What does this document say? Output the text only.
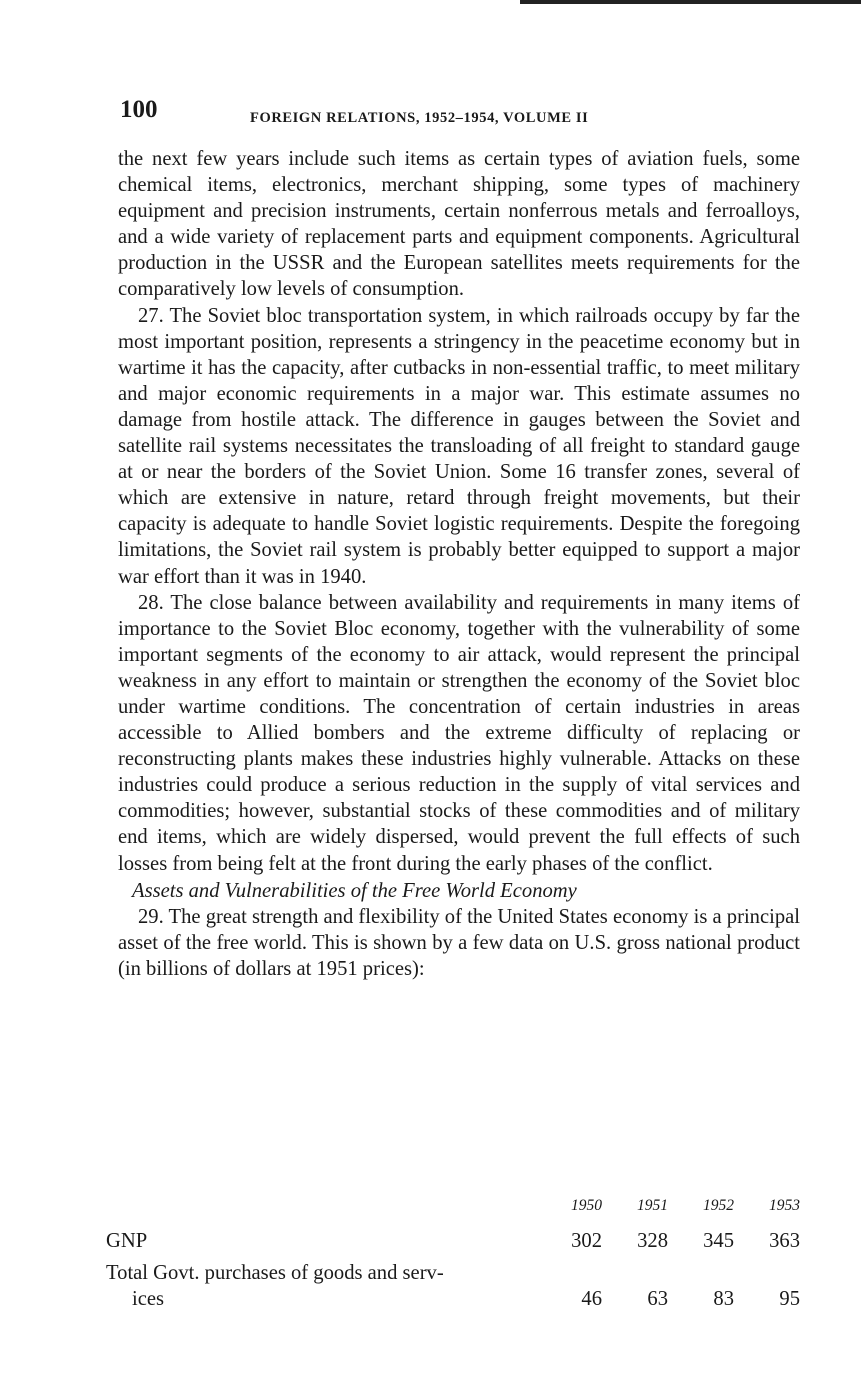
100	FOREIGN RELATIONS, 1952–1954, VOLUME II

the next few years include such items as certain types of aviation fuels, some chemical items, electronics, merchant shipping, some types of machinery equipment and precision instruments, certain nonferrous metals and ferroalloys, and a wide variety of replacement parts and equipment components. Agricultural production in the USSR and the European satellites meets requirements for the comparatively low levels of consumption.

27. The Soviet bloc transportation system, in which railroads occupy by far the most important position, represents a stringency in the peacetime economy but in wartime it has the capacity, after cutbacks in non-essential traffic, to meet military and major economic requirements in a major war. This estimate assumes no damage from hostile attack. The difference in gauges between the Soviet and satellite rail systems necessitates the transloading of all freight to standard gauge at or near the borders of the Soviet Union. Some 16 transfer zones, several of which are extensive in nature, retard through freight movements, but their capacity is adequate to handle Soviet logistic requirements. Despite the foregoing limitations, the Soviet rail system is probably better equipped to support a major war effort than it was in 1940.

28. The close balance between availability and requirements in many items of importance to the Soviet Bloc economy, together with the vulnerability of some important segments of the economy to air attack, would represent the principal weakness in any effort to maintain or strengthen the economy of the Soviet bloc under wartime conditions. The concentration of certain industries in areas accessible to Allied bombers and the extreme difficulty of replacing or reconstructing plants makes these industries highly vulnerable. Attacks on these industries could produce a serious reduction in the supply of vital services and commodities; however, substantial stocks of these commodities and of military end items, which are widely dispersed, would prevent the full effects of such losses from being felt at the front during the early phases of the conflict.

Assets and Vulnerabilities of the Free World Economy

29. The great strength and flexibility of the United States economy is a principal asset of the free world. This is shown by a few data on U.S. gross national product (in billions of dollars at 1951 prices):

	1950	1951	1952	1953
GNP	302	328	345	363
Total Govt. purchases of goods and serv-
ices	46	63	83	95
